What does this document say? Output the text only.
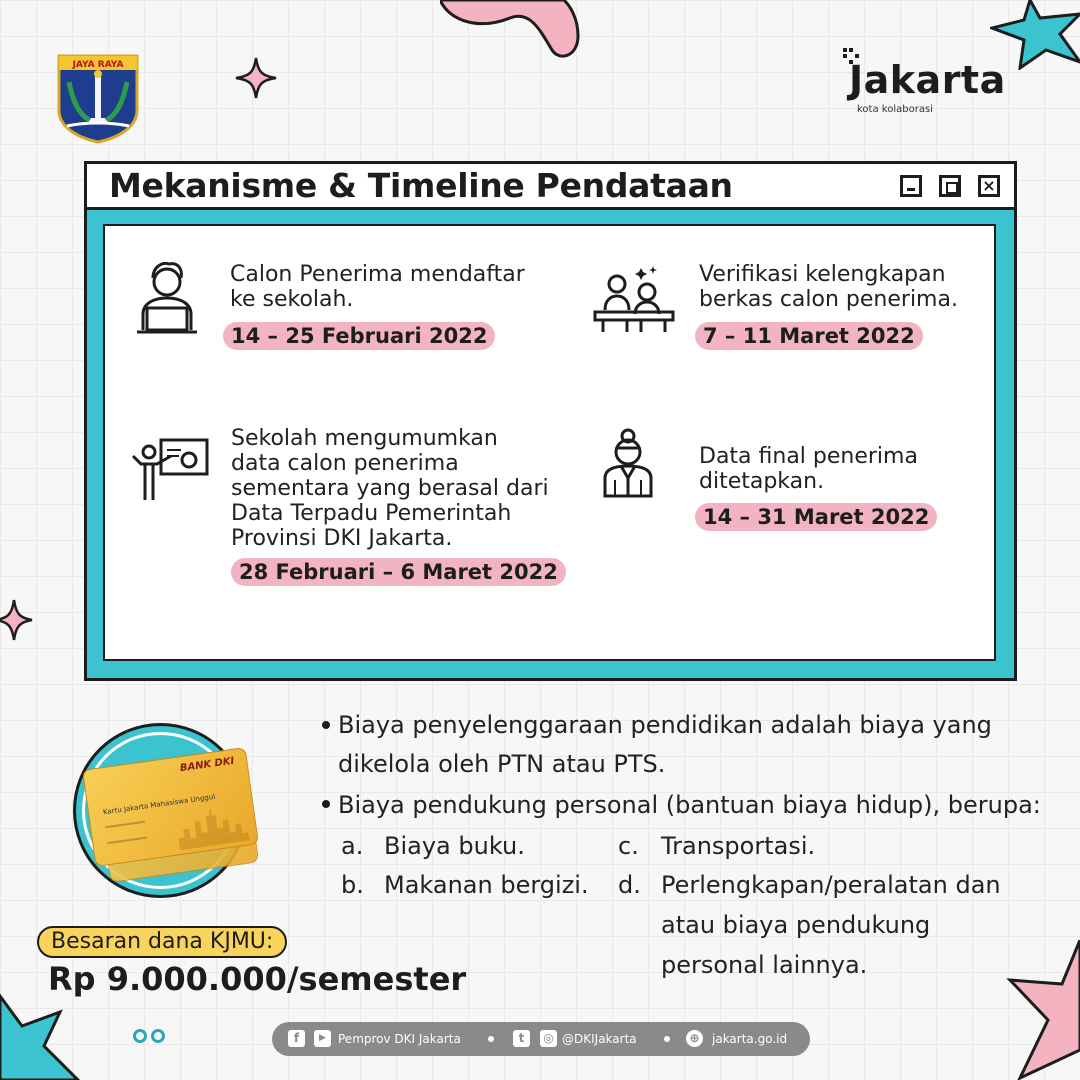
JAYA RAYA	Jakarta
kota kolaborasi
Mekanisme & Timeline Pendataan	×
Calon Penerima mendaftar
ke sekolah.
14 – 25 Februari 2022
Verifikasi kelengkapan
berkas calon penerima.
7 – 11 Maret 2022
Sekolah mengumumkan
data calon penerima
sementara yang berasal dari
Data Terpadu Pemerintah
Provinsi DKI Jakarta.
28 Februari – 6 Maret 2022
Data final penerima
ditetapkan.
14 – 31 Maret 2022
BANK DKI
Kartu Jakarta Mahasiswa Unggul
Biaya penyelenggaraan pendidikan adalah biaya yang
dikelola oleh PTN atau PTS.
Biaya pendukung personal (bantuan biaya hidup), berupa:
a. Biaya buku.
b. Makanan bergizi.
c. Transportasi.
d. Perlengkapan/peralatan dan
atau biaya pendukung
personal lainnya.
Besaran dana KJMU:
Rp 9.000.000/semester
f	▶	Pemprov DKI Jakarta	t	◎ @DKIJakarta	⊕ jakarta.go.id
